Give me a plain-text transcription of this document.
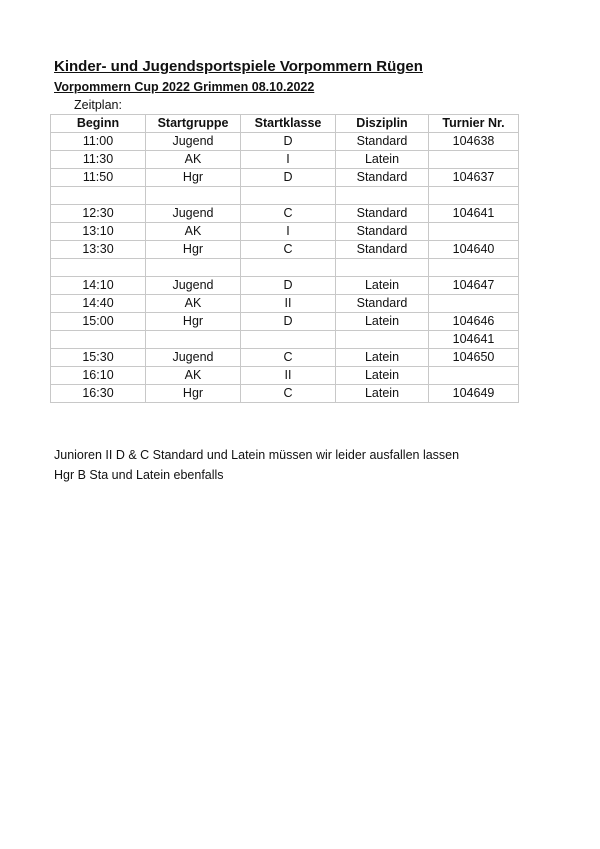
Kinder- und Jugendsportspiele Vorpommern Rügen
Vorpommern Cup 2022 Grimmen 08.10.2022
Zeitplan:
Beginn	Startgruppe	Startklasse	Disziplin	Turnier Nr.
11:00	Jugend	D	Standard	104638
11:30	AK	I	Latein	
11:50	Hgr	D	Standard	104637

12:30	Jugend	C	Standard	104641
13:10	AK	I	Standard	
13:30	Hgr	C	Standard	104640

14:10	Jugend	D	Latein	104647
14:40	AK	II	Standard	
15:00	Hgr	D	Latein	104646
				104641
15:30	Jugend	C	Latein	104650
16:10	AK	II	Latein	
16:30	Hgr	C	Latein	104649
Junioren II D & C Standard und Latein müssen wir leider ausfallen lassen
Hgr B Sta und Latein ebenfalls
